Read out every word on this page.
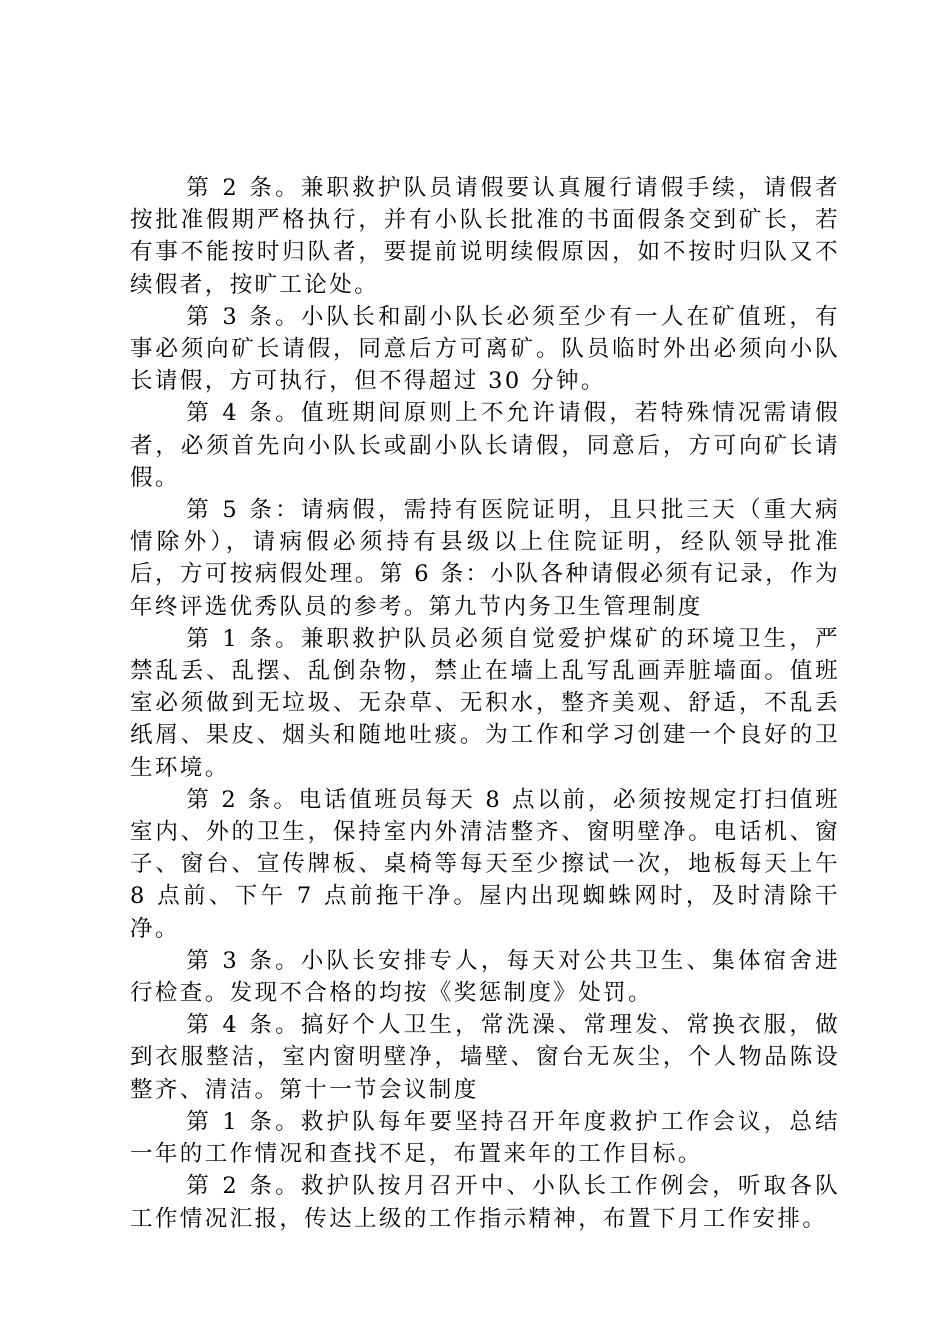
第 2 条。兼职救护队员请假要认真履行请假手续，请假者按批准假期严格执行，并有小队长批准的书面假条交到矿长，若有事不能按时归队者，要提前说明续假原因，如不按时归队又不续假者，按旷工论处。

第 3 条。小队长和副小队长必须至少有一人在矿值班，有事必须向矿长请假，同意后方可离矿。队员临时外出必须向小队长请假，方可执行，但不得超过 30 分钟。

第 4 条。值班期间原则上不允许请假，若特殊情况需请假者，必须首先向小队长或副小队长请假，同意后，方可向矿长请假。

第 5 条：请病假，需持有医院证明，且只批三天（重大病情除外），请病假必须持有县级以上住院证明，经队领导批准后，方可按病假处理。第 6 条：小队各种请假必须有记录，作为年终评选优秀队员的参考。第九节内务卫生管理制度

第 1 条。兼职救护队员必须自觉爱护煤矿的环境卫生，严禁乱丢、乱摆、乱倒杂物，禁止在墙上乱写乱画弄脏墙面。值班室必须做到无垃圾、无杂草、无积水，整齐美观、舒适，不乱丢纸屑、果皮、烟头和随地吐痰。为工作和学习创建一个良好的卫生环境。

第 2 条。电话值班员每天 8 点以前，必须按规定打扫值班室内、外的卫生，保持室内外清洁整齐、窗明壁净。电话机、窗子、窗台、宣传牌板、桌椅等每天至少擦试一次，地板每天上午 8 点前、下午 7 点前拖干净。屋内出现蜘蛛网时，及时清除干净。

第 3 条。小队长安排专人，每天对公共卫生、集体宿舍进行检查。发现不合格的均按《奖惩制度》处罚。

第 4 条。搞好个人卫生，常洗澡、常理发、常换衣服，做到衣服整洁，室内窗明壁净，墙壁、窗台无灰尘，个人物品陈设整齐、清洁。第十一节会议制度

第 1 条。救护队每年要坚持召开年度救护工作会议，总结一年的工作情况和查找不足，布置来年的工作目标。

第 2 条。救护队按月召开中、小队长工作例会，听取各队工作情况汇报，传达上级的工作指示精神，布置下月工作安排。
